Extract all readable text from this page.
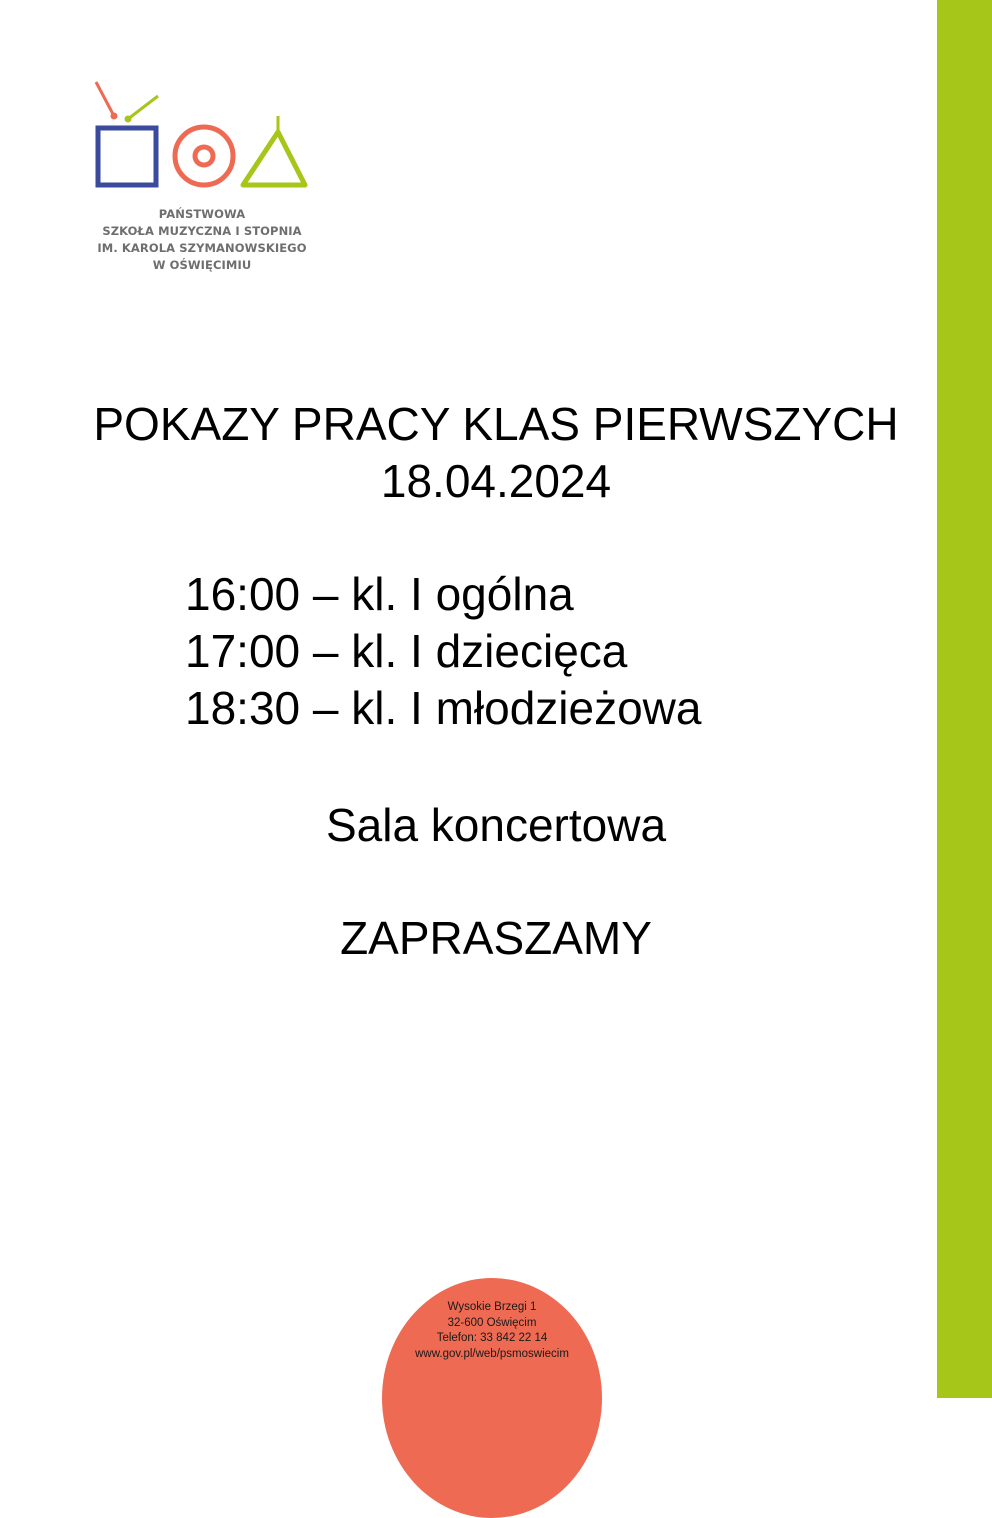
PAŃSTWOWA
SZKOŁA MUZYCZNA I STOPNIA
IM. KAROLA SZYMANOWSKIEGO
W OŚWIĘCIMIU
POKAZY PRACY KLAS PIERWSZYCH
18.04.2024
16:00 – kl. I ogólna
17:00 – kl. I dziecięca
18:30 – kl. I młodzieżowa
Sala koncertowa
ZAPRASZAMY
Wysokie Brzegi 1
32-600 Oświęcim
Telefon: 33 842 22 14
www.gov.pl/web/psmoswiecim
